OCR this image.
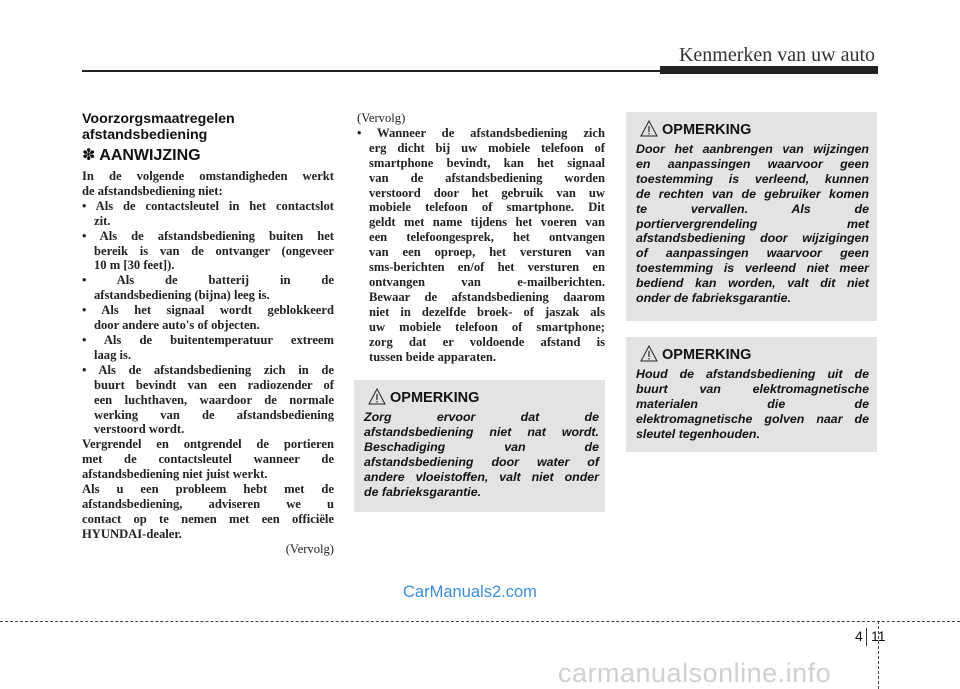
Kenmerken van uw auto
Voorzorgsmaatregelen
afstandsbediening
✽ AANWIJZING
In de volgende omstandigheden werkt
de afstandsbediening niet:
• Als de contactsleutel in het contactslot
zit.
• Als de afstandsbediening buiten het
bereik is van de ontvanger (ongeveer
10 m [30 feet]).
• Als de batterij in de
afstandsbediening (bijna) leeg is.
• Als het signaal wordt geblokkeerd
door andere auto's of objecten.
• Als de buitentemperatuur extreem
laag is.
• Als de afstandsbediening zich in de
buurt bevindt van een radiozender of
een luchthaven, waardoor de normale
werking van de afstandsbediening
verstoord wordt.
Vergrendel en ontgrendel de portieren
met de contactsleutel wanneer de
afstandsbediening niet juist werkt.
Als u een probleem hebt met de
afstandsbediening, adviseren we u
contact op te nemen met een officiële
HYUNDAI-dealer.
(Vervolg)
(Vervolg)
• Wanneer de afstandsbediening zich
erg dicht bij uw mobiele telefoon of
smartphone bevindt, kan het signaal
van de afstandsbediening worden
verstoord door het gebruik van uw
mobiele telefoon of smartphone. Dit
geldt met name tijdens het voeren van
een telefoongesprek, het ontvangen
van een oproep, het versturen van
sms-berichten en/of het versturen en
ontvangen van e-mailberichten.
Bewaar de afstandsbediening daarom
niet in dezelfde broek- of jaszak als
uw mobiele telefoon of smartphone;
zorg dat er voldoende afstand is
tussen beide apparaten.
OPMERKING
Zorg ervoor dat de
afstandsbediening niet nat wordt.
Beschadiging van de
afstandsbediening door water of
andere vloeistoffen, valt niet onder
de fabrieksgarantie.
OPMERKING
Door het aanbrengen van wijzingen
en aanpassingen waarvoor geen
toestemming is verleend, kunnen
de rechten van de gebruiker komen
te vervallen. Als de
portiervergrendeling met
afstandsbediening door wijzigingen
of aanpassingen waarvoor geen
toestemming is verleend niet meer
bediend kan worden, valt dit niet
onder de fabrieksgarantie.
OPMERKING
Houd de afstandsbediening uit de
buurt van elektromagnetische
materialen die de
elektromagnetische golven naar de
sleutel tegenhouden.
CarManuals2.com
4 11
carmanualsonline.info
